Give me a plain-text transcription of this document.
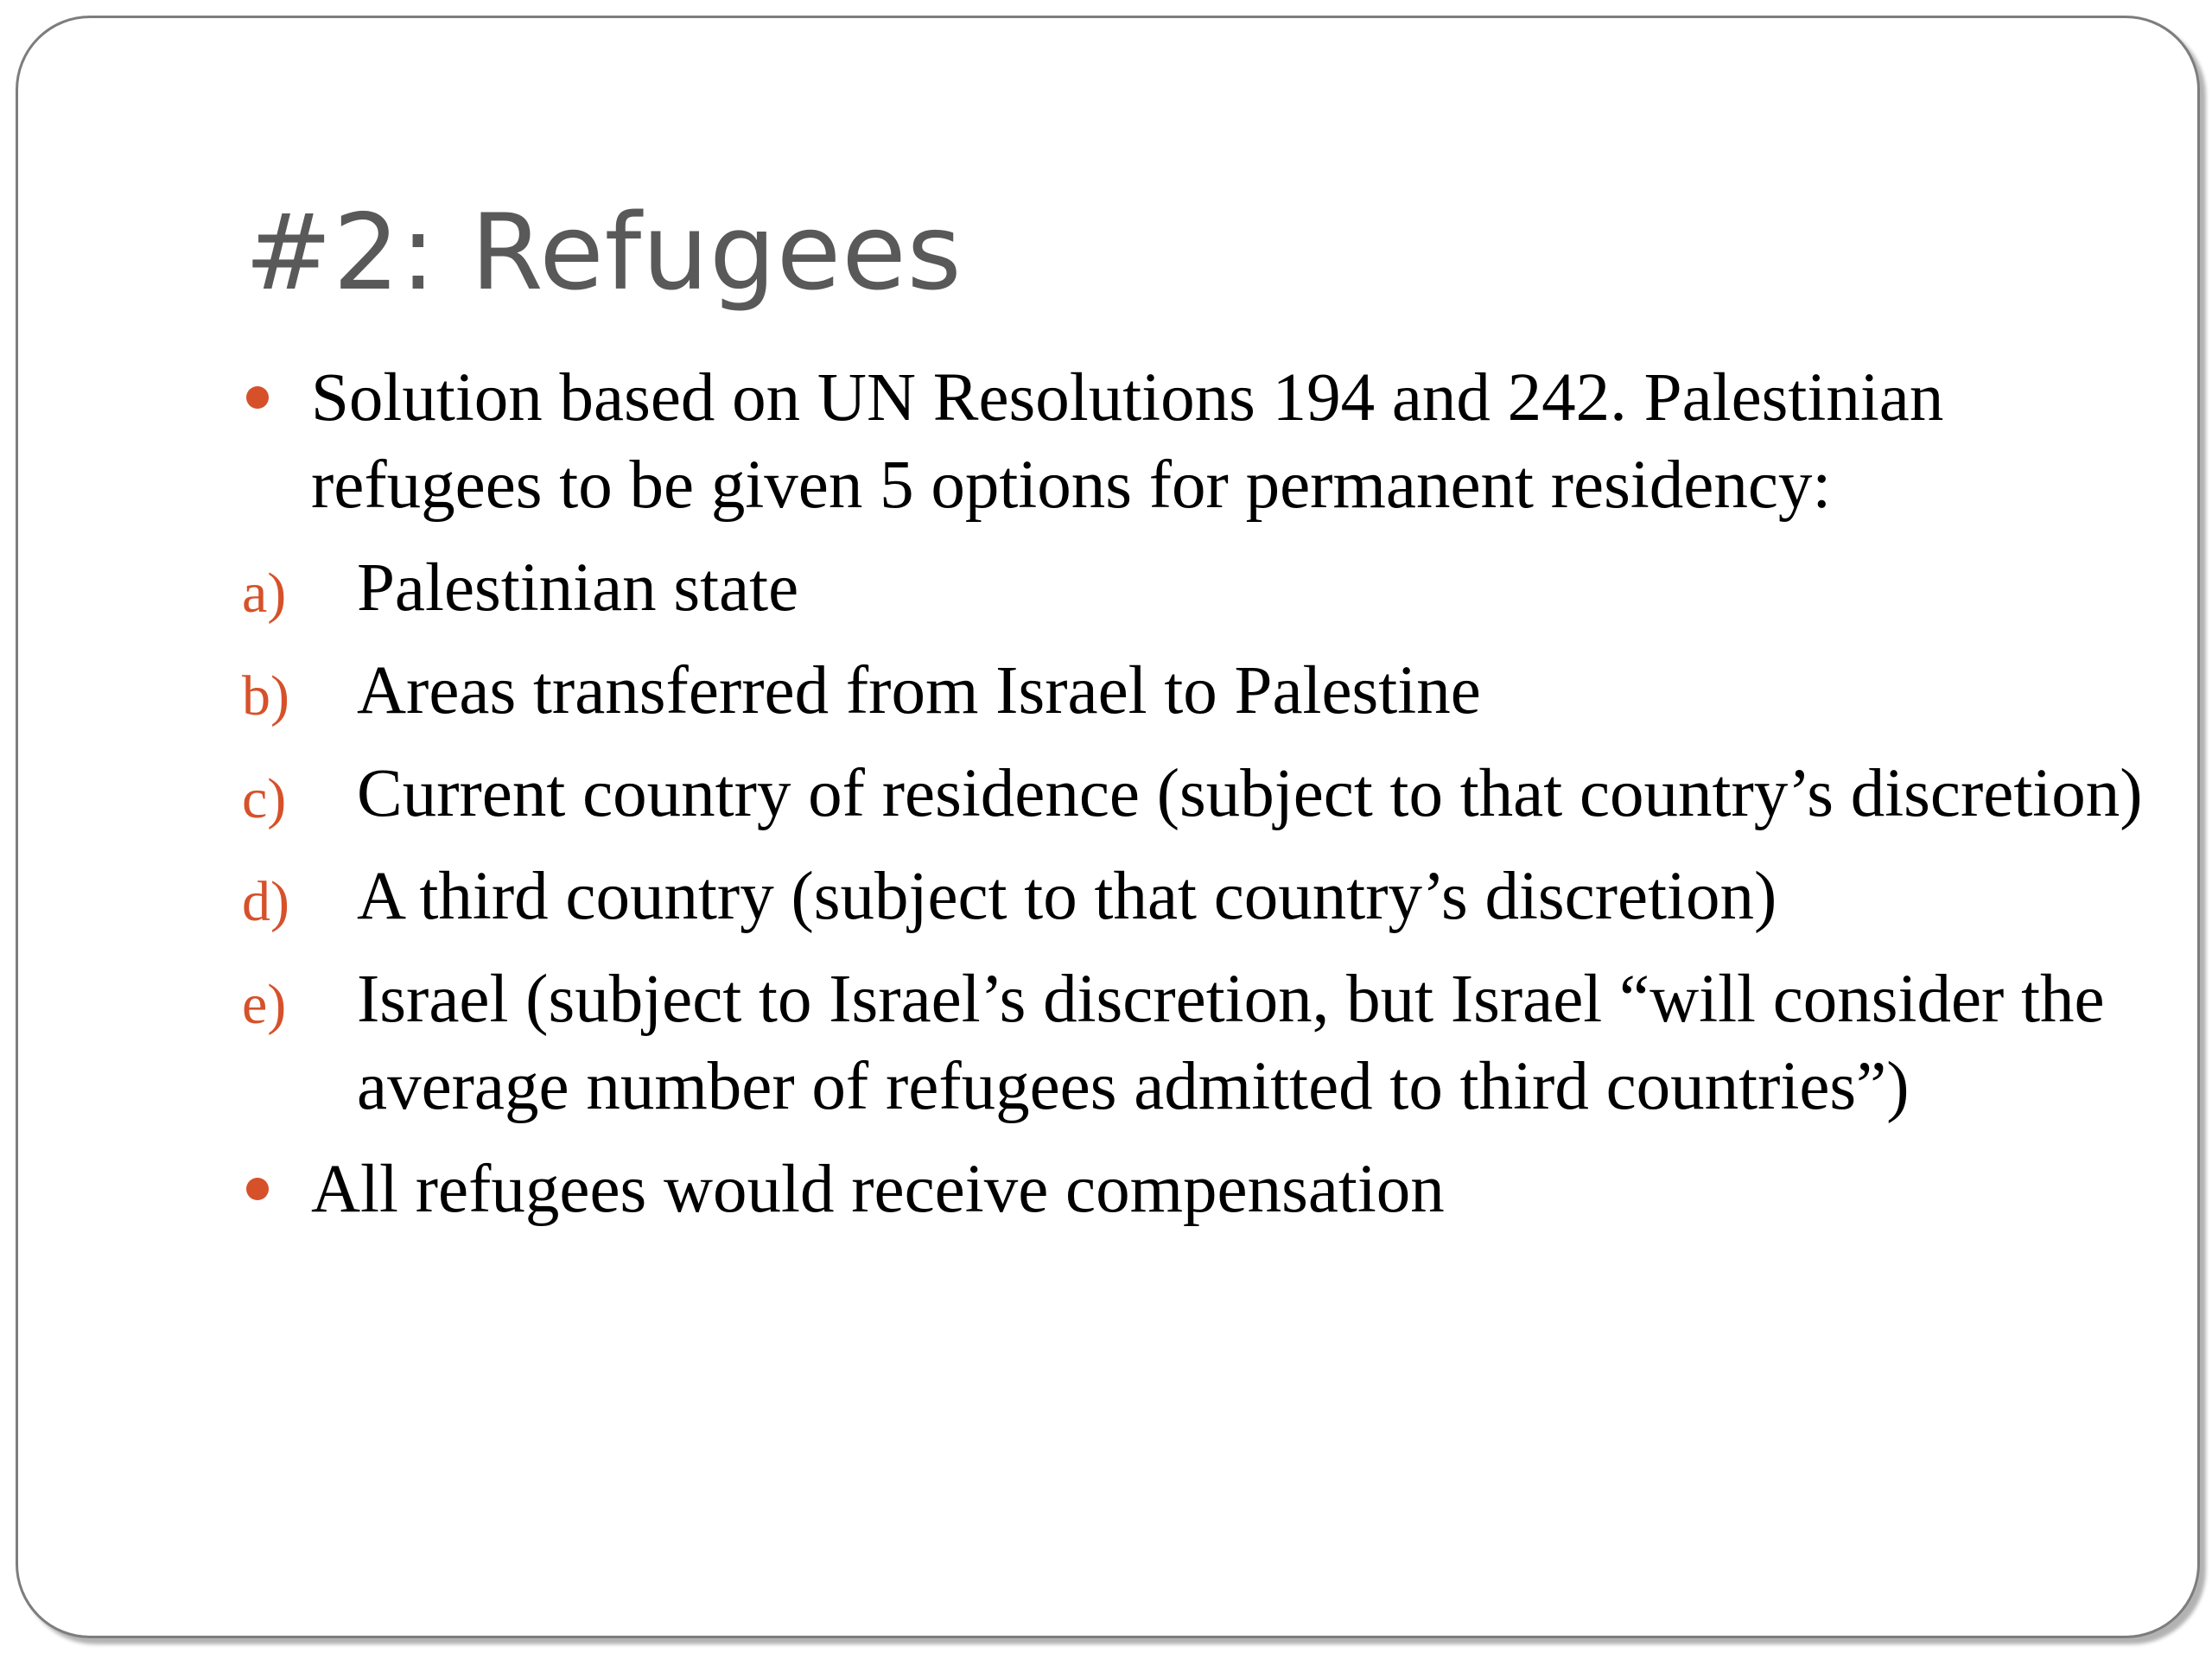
#2: Refugees
Solution based on UN Resolutions 194 and 242. Palestinian refugees to be given 5 options for permanent residency:
a) Palestinian state
b) Areas transferred from Israel to Palestine
c) Current country of residence (subject to that country’s discretion)
d) A third country (subject to that country’s discretion)
e) Israel (subject to Israel’s discretion, but Israel “will consider the average number of refugees admitted to third countries”)
All refugees would receive compensation
